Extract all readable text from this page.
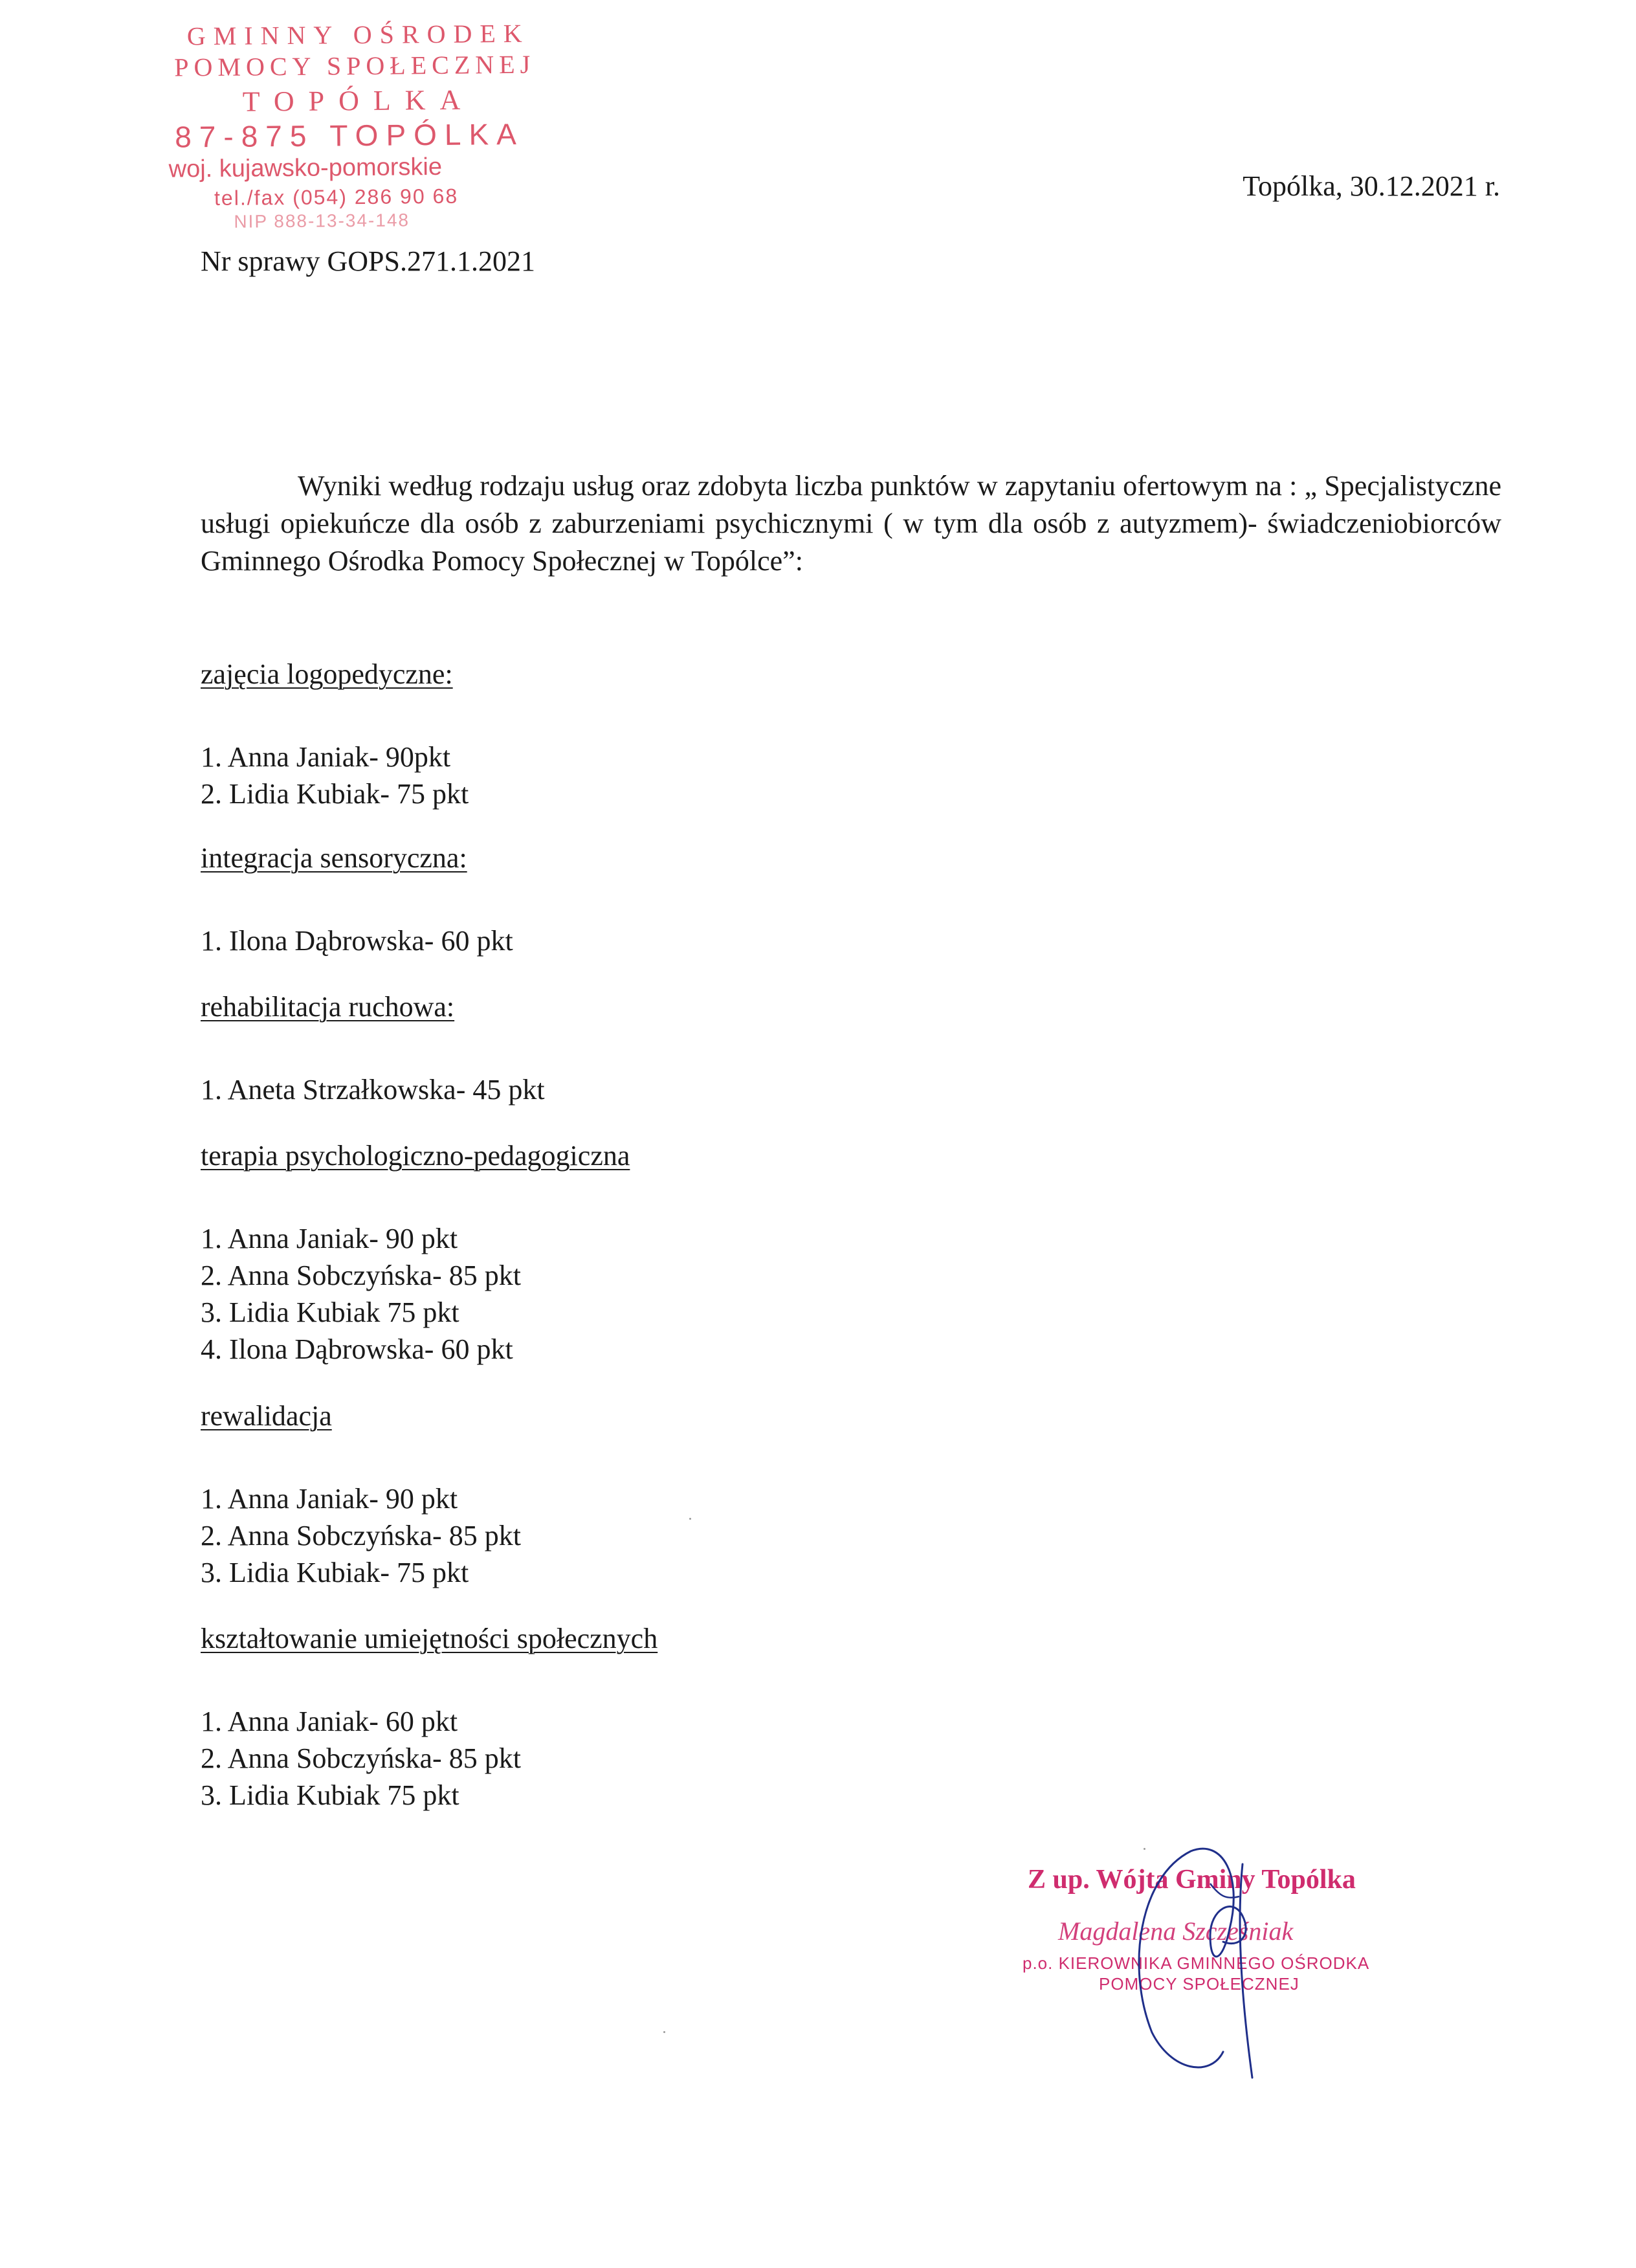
GMINNY OŚRODEK
POMOCY SPOŁECZNEJ
TOPÓLKA
87-875 TOPÓLKA
woj. kujawsko-pomorskie
tel./fax (054) 286 90 68
NIP 888-13-34-148
Topólka, 30.12.2021 r.
Nr sprawy GOPS.271.1.2021
Wyniki według rodzaju usług oraz zdobyta liczba punktów w zapytaniu ofertowym na : „ Specjalistyczne usługi opiekuńcze dla osób z zaburzeniami psychicznymi ( w tym dla osób z autyzmem)- świadczeniobiorców Gminnego Ośrodka Pomocy Społecznej w Topólce”:
zajęcia logopedyczne:
1. Anna Janiak- 90pkt
2. Lidia Kubiak- 75 pkt
integracja sensoryczna:
1. Ilona Dąbrowska- 60 pkt
rehabilitacja ruchowa:
1. Aneta Strzałkowska- 45 pkt
terapia psychologiczno-pedagogiczna
1. Anna Janiak- 90 pkt
2. Anna Sobczyńska- 85 pkt
3. Lidia Kubiak 75 pkt
4. Ilona Dąbrowska- 60 pkt
rewalidacja
1. Anna Janiak- 90 pkt
2. Anna Sobczyńska- 85 pkt
3. Lidia Kubiak- 75 pkt
kształtowanie umiejętności społecznych
1. Anna Janiak- 60 pkt
2. Anna Sobczyńska- 85 pkt
3. Lidia Kubiak 75 pkt
Z up. Wójta Gminy Topólka
Magdalena Szcześniak
p.o. KIEROWNIKA GMINNEGO OŚRODKA
POMOCY SPOŁECZNEJ
